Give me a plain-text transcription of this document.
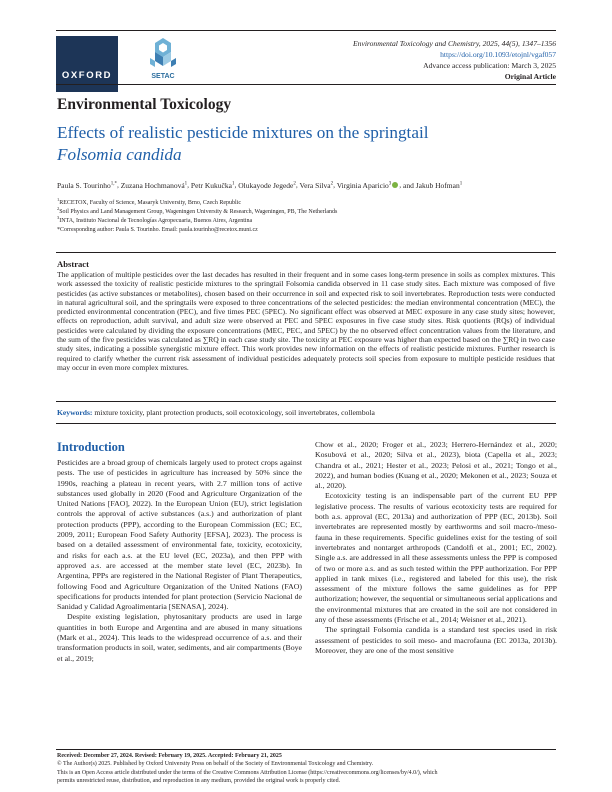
OXFORD	SETAC
Environmental Toxicology and Chemistry, 2025, 44(5), 1347–1356
https://doi.org/10.1093/etojnl/vgaf057
Advance access publication: March 3, 2025
Original Article
Environmental Toxicology
Effects of realistic pesticide mixtures on the springtail
Folsomia candida
Paula S. Tourinho$^{1,*}$, Zuzana Hochmanová$^1$, Petr Kukučka$^1$, Olukayode Jegede$^2$, Vera Silva$^2$, Virginia Aparicio$^3$ , and Jakub Hofman$^1$
$^1$RECETOX, Faculty of Science, Masaryk University, Brno, Czech Republic
$^2$Soil Physics and Land Management Group, Wageningen University & Research, Wageningen, PB, The Netherlands
$^3$INTA, Instituto Nacional de Tecnologías Agropecuaria, Buenos Aires, Argentina
*Corresponding author: Paula S. Tourinho. Email: paula.tourinho@recetox.muni.cz
Abstract
The application of multiple pesticides over the last decades has resulted in their frequent and in some cases long-term presence in soils as complex mixtures. This work assessed the toxicity of realistic pesticide mixtures to the springtail Folsomia candida observed in 11 case study sites. Each mixture was composed of five pesticides (as active substances or metabolites), chosen based on their occurrence in soil and expected risk to soil invertebrates. Reproduction tests were conducted in natural agricultural soil, and the springtails were exposed to three concentrations of the selected pesticides: the median environmental concentration (MEC), the predicted environmental concentration (PEC), and five times PEC (5PEC). No significant effect was observed at MEC exposure in any case study sites; however, effects on reproduction, adult survival, and adult size were observed at PEC and 5PEC exposures in five case study sites. Risk quotients (RQs) of individual pesticides were calculated by dividing the exposure concentrations (MEC, PEC, and 5PEC) by the no observed effect concentration values from the literature, and the sum of the five pesticides was calculated as ∑RQ in each case study site. The toxicity at PEC exposure was higher than expected based on the ∑RQ in two case study sites, indicating a possible synergistic mixture effect. This work provides new information on the effects of realistic pesticide mixtures. Further research is required to clarify whether the current risk assessment of individual pesticides adequately protects soil species from exposure to multiple pesticide residues that may occur in even more complex mixtures.
Keywords: mixture toxicity, plant protection products, soil ecotoxicology, soil invertebrates, collembola
Introduction

Pesticides are a broad group of chemicals largely used to protect crops against pests. The use of pesticides in agriculture has increased by 50% since the 1990s, reaching a plateau in recent years, with 2.7 million tons of active substances used globally in 2020 (Food and Agriculture Organization of the United Nations [FAO], 2022). In the European Union (EU), strict legislation controls the approval of active substances (a.s.) and authorization of plant protection products (PPP), according to the European Commission (EC; EC, 2009, 2011; European Food Safety Authority [EFSA], 2023). The process is based on a detailed assessment of environmental fate, toxicity, ecotoxicity, and risks for each a.s. at the EU level (EC, 2023a), and then PPP with approved a.s. are accessed at the member state level (EC, 2023b). In Argentina, PPPs are registered in the National Register of Plant Therapeutics, following Food and Agriculture Organization of the United Nations (FAO) specifications for products intended for plant protection (Servicio Nacional de Sanidad y Calidad Agroalimentaria [SENASA], 2024).

Despite existing legislation, phytosanitary products are used in large quantities in both Europe and Argentina and are abused in many situations (Mark et al., 2024). This leads to the widespread occurrence of a.s. and their transformation products in soil, water, sediments, and air compartments (Boye et al., 2019;

Chow et al., 2020; Froger et al., 2023; Herrero-Hernández et al., 2020; Kosubová et al., 2020; Silva et al., 2023), biota (Capella et al., 2023; Chandra et al., 2021; Hester et al., 2023; Pelosi et al., 2021; Tongo et al., 2022), and human bodies (Kuang et al., 2020; Mekonen et al., 2023; Souza et al., 2020).

Ecotoxicity testing is an indispensable part of the current EU PPP legislative process. The results of various ecotoxicity tests are required for both a.s. approval (EC, 2013a) and authorization of PPP (EC, 2013b). Soil invertebrates are represented mostly by earthworms and soil macro-/meso-fauna in these requirements. Specific guidelines exist for the testing of soil invertebrates and nontarget arthropods (Candolfi et al., 2001; EC, 2002). Single a.s. are addressed in all these assessments unless the PPP is composed of two or more a.s. and as such tested within the PPP authorization. For PPP applied in tank mixes (i.e., registered and labeled for this use), the risk assessment of the mixture follows the same guidelines as for PPP authorization; however, the sequential or simultaneous serial applications and the environmental mixtures that are created in the soil are not considered in any of these assessments (Frische et al., 2014; Weisner et al., 2021).

The springtail Folsomia candida is a standard test species used in risk assessment of pesticides to soil meso- and macrofauna (EC 2013a, 2013b). Moreover, they are one of the most sensitive

Received: December 27, 2024. Revised: February 19, 2025. Accepted: February 21, 2025
© The Author(s) 2025. Published by Oxford University Press on behalf of the Society of Environmental Toxicology and Chemistry.
This is an Open Access article distributed under the terms of the Creative Commons Attribution License (https://creativecommons.org/licenses/by/4.0/), which
permits unrestricted reuse, distribution, and reproduction in any medium, provided the original work is properly cited.
